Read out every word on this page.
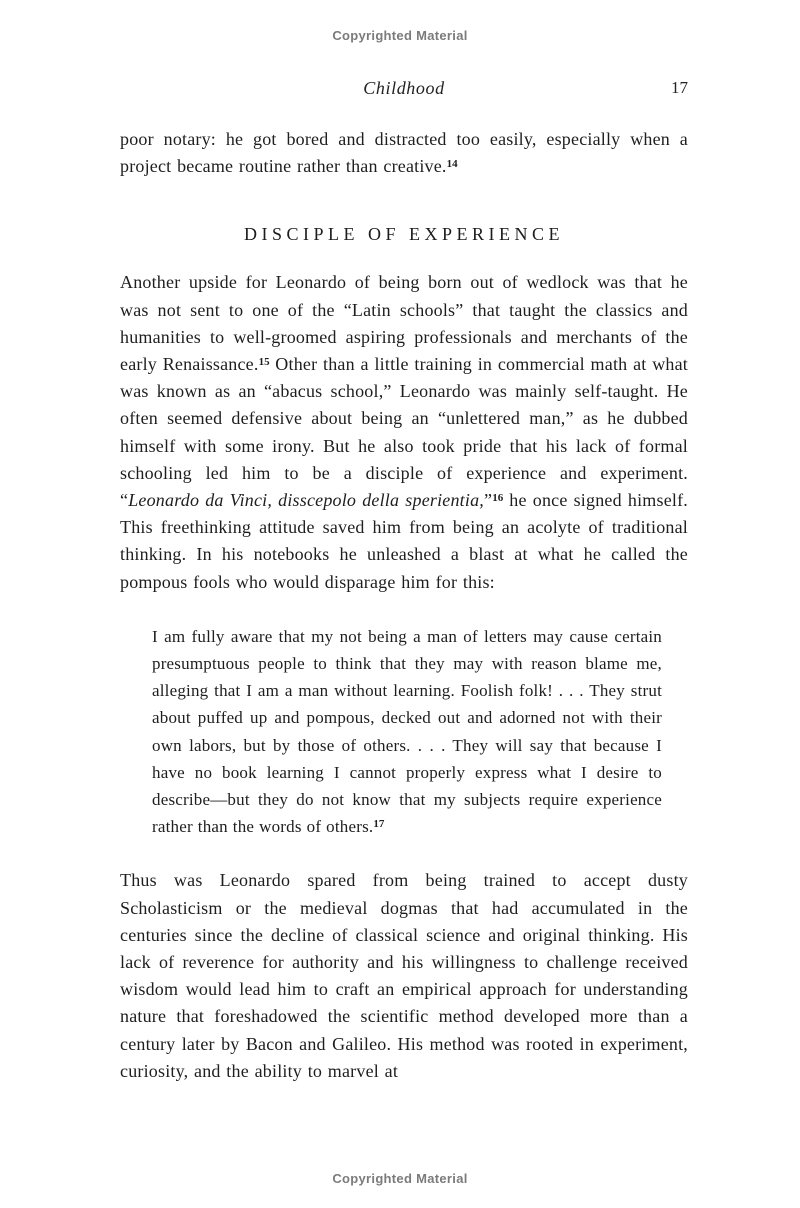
Copyrighted Material
Childhood	17

poor notary: he got bored and distracted too easily, especially when a project became routine rather than creative.$^{14}$

DISCIPLE OF EXPERIENCE

Another upside for Leonardo of being born out of wedlock was that he was not sent to one of the “Latin schools” that taught the classics and humanities to well-groomed aspiring professionals and merchants of the early Renaissance.$^{15}$ Other than a little training in commercial math at what was known as an “abacus school,” Leonardo was mainly self-taught. He often seemed defensive about being an “unlettered man,” as he dubbed himself with some irony. But he also took pride that his lack of formal schooling led him to be a disciple of experience and experiment. “Leonardo da Vinci, disscepolo della sperientia,”$^{16}$ he once signed himself. This freethinking attitude saved him from being an acolyte of traditional thinking. In his notebooks he unleashed a blast at what he called the pompous fools who would disparage him for this:

I am fully aware that my not being a man of letters may cause certain presumptuous people to think that they may with reason blame me, alleging that I am a man without learning. Foolish folk! . . . They strut about puffed up and pompous, decked out and adorned not with their own labors, but by those of others. . . . They will say that because I have no book learning I cannot properly express what I desire to describe—but they do not know that my subjects require experience rather than the words of others.$^{17}$

Thus was Leonardo spared from being trained to accept dusty Scholasticism or the medieval dogmas that had accumulated in the centuries since the decline of classical science and original thinking. His lack of reverence for authority and his willingness to challenge received wisdom would lead him to craft an empirical approach for understanding nature that foreshadowed the scientific method developed more than a century later by Bacon and Galileo. His method was rooted in experiment, curiosity, and the ability to marvel at

Copyrighted Material
